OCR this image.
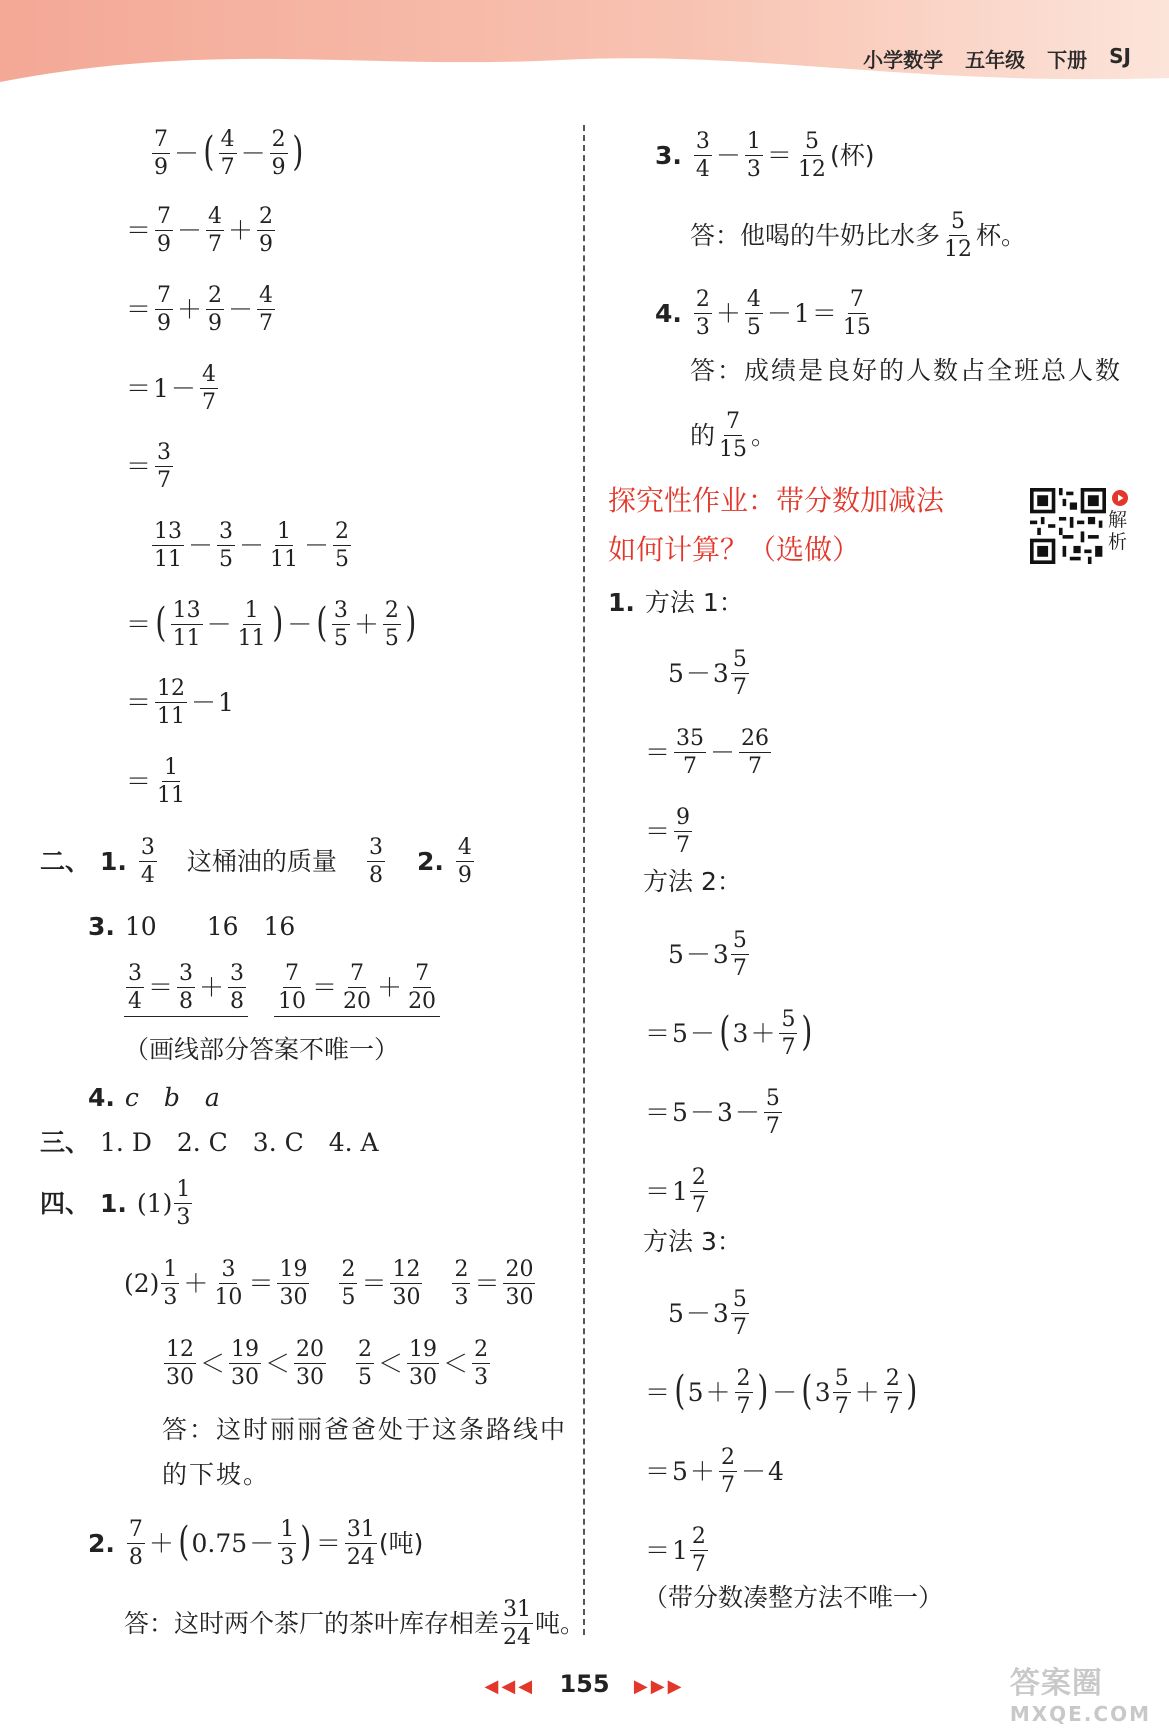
小学数学 五年级 下册 SJ
$\frac{7}{9}$ － ( $\frac{4}{7} - \frac{2}{9}$ )
＝ $\frac{7}{9} - \frac{4}{7} + \frac{2}{9}$
＝ $\frac{7}{9} + \frac{2}{9} - \frac{4}{7}$
＝ $1 - \frac{4}{7}$
＝ $\frac{3}{7}$
$\frac{13}{11} - \frac{3}{5} - \frac{1}{11} - \frac{2}{5}$
＝ ( $\frac{13}{11} - \frac{1}{11}$ ) － ( $\frac{3}{5} + \frac{2}{5}$ )
＝ $\frac{12}{11} - 1$
＝ $\frac{1}{11}$
二、 1. $\frac{3}{4}$ 这桶油的质量 $\frac{3}{8} 2$. $\frac{4}{9}$
3. 10　　16　16
$\frac{3}{4} = \frac{3}{8} + \frac{3}{8} \frac{7}{10} = \frac{7}{20} + \frac{7}{20}$
（画线部分答案不唯一）
4. c　b　a
三、 1. D　2. C　3. C　4. A
四、 1. $(1) \frac{1}{3}$
$(2) \frac{1}{3} + \frac{3}{10} = \frac{19}{30} \frac{2}{5} = \frac{12}{30} \frac{2}{3} = \frac{20}{30}$
$\frac{12}{30} < \frac{19}{30} < \frac{20}{30} \frac{2}{5} < \frac{19}{30} < \frac{2}{3}$
答：这时丽丽爸爸处于这条路线中
的下坡。
2. $\frac{7}{8}$ ＋ ( $0.75 - \frac{1}{3}$ ) ＝ $\frac{31}{24}$ (吨)
答：这时两个茶厂的茶叶库存相差 $\frac{31}{24}$ 吨。
3. $\frac{3}{4} - \frac{1}{3} = \frac{5}{12}$ (杯)
答：他喝的牛奶比水多 $\frac{5}{12}$ 杯。
4. $\frac{2}{3} + \frac{4}{5} - 1 = \frac{7}{15}$
答：成绩是良好的人数占全班总人数
的 $\frac{7}{15}$ 。
探究性作业：带分数加减法
如何计算？（选做）
解析
1. 方法 1：
$5 - 3 \frac{5}{7}$
＝ $\frac{35}{7} - \frac{26}{7}$
＝ $\frac{9}{7}$
方法 2：
$5 - 3 \frac{5}{7}$
＝ 5 － ( $3 + \frac{5}{7}$ )
＝ $5 - 3 - \frac{5}{7}$
＝ $1 \frac{2}{7}$
方法 3：
$5 - 3 \frac{5}{7}$
＝ ( $5 + \frac{2}{7}$ ) － ( $3 \frac{5}{7} + \frac{2}{7}$ )
＝ $5 + \frac{2}{7} - 4$
＝ $1 \frac{2}{7}$
（带分数凑整方法不唯一）
◀◀◀ 155 ▶▶▶	答案圈
MXQE.COM
